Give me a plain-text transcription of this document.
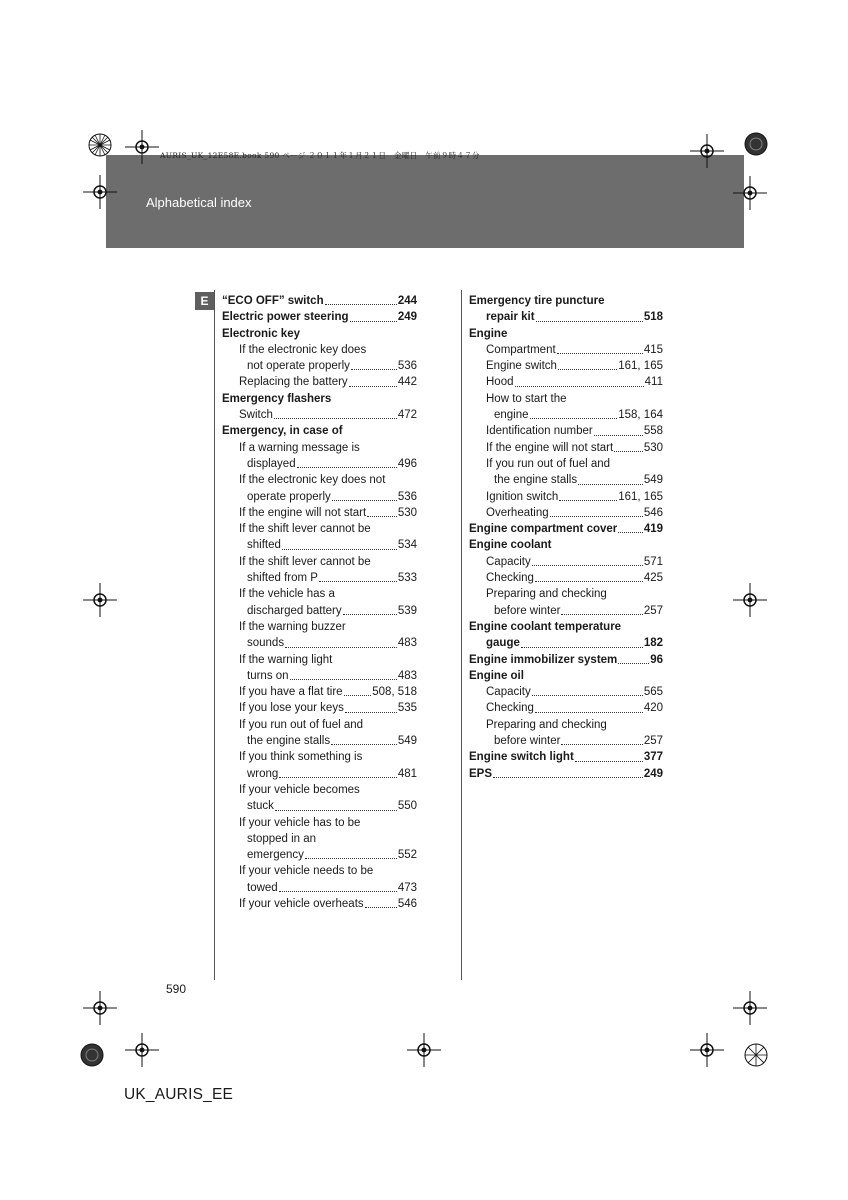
Alphabetical index
AURIS_UK_12E58E.book 590 ページ ２０１１年１月２１日　金曜日　午前９時４７分
E	“ECO OFF” switch	244
Electric power steering	249
Electronic key
If the electronic key does
not operate properly	536
Replacing the battery	442
Emergency flashers
Switch	472
Emergency, in case of
If a warning message is
displayed	496
If the electronic key does not
operate properly	536
If the engine will not start	530
If the shift lever cannot be
shifted	534
If the shift lever cannot be
shifted from P	533
If the vehicle has a
discharged battery	539
If the warning buzzer
sounds	483
If the warning light
turns on	483
If you have a flat tire	508, 518
If you lose your keys	535
If you run out of fuel and
the engine stalls	549
If you think something is
wrong	481
If your vehicle becomes
stuck	550
If your vehicle has to be
stopped in an
emergency	552
If your vehicle needs to be
towed	473
If your vehicle overheats	546
Emergency tire puncture
repair kit	518
Engine
Compartment	415
Engine switch	161, 165
Hood	411
How to start the
engine	158, 164
Identification number	558
If the engine will not start	530
If you run out of fuel and
the engine stalls	549
Ignition switch	161, 165
Overheating	546
Engine compartment cover 419
Engine coolant
Capacity	571
Checking	425
Preparing and checking
before winter	257
Engine coolant temperature
gauge	182
Engine immobilizer system	96
Engine oil
Capacity	565
Checking	420
Preparing and checking
before winter	257
Engine switch light	377
EPS	249
590
UK_AURIS_EE
